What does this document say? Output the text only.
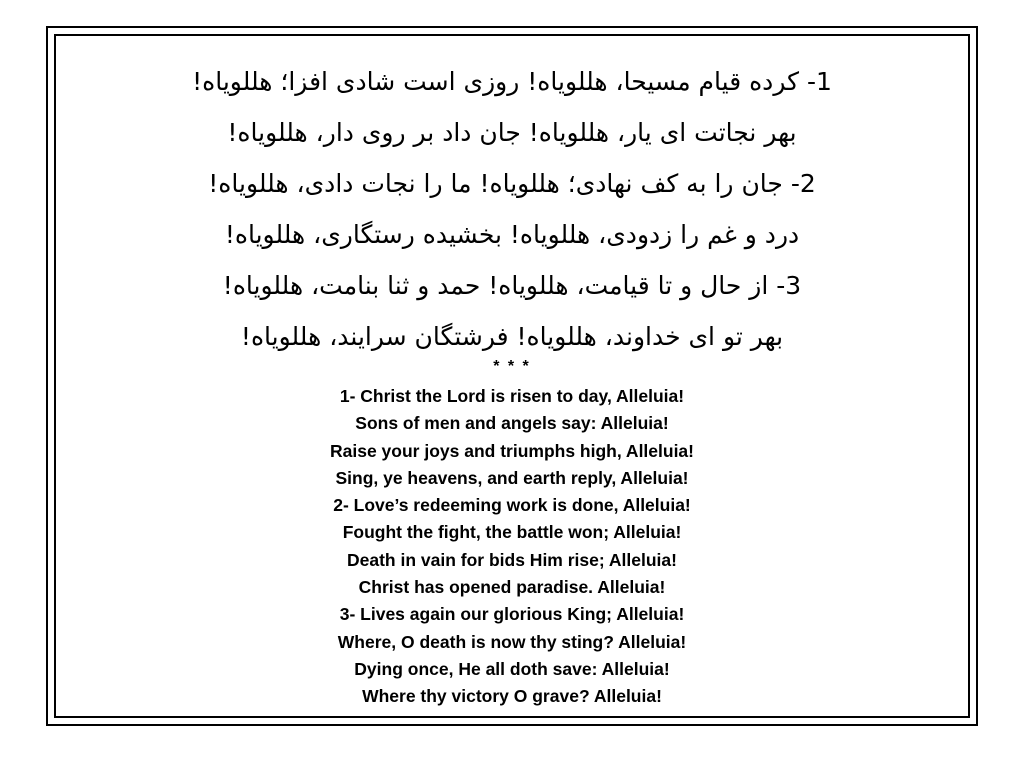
1- کرده قیام مسیحا، هللویاه! روزی است شادی افزا؛ هللویاه!
بهر نجاتت ای یار، هللویاه! جان داد بر روی دار، هللویاه!
2- جان را به کف نهادی؛ هللویاه! ما را نجات دادی، هللویاه!
درد و غم را زدودی، هللویاه! بخشیده رستگاری، هللویاه!
3- از حال و تا قیامت، هللویاه! حمد و ثنا بنامت، هللویاه!
بهر تو ای خداوند، هللویاه! فرشتگان سرایند، هللویاه!
* * *
1- Christ the Lord is risen to day, Alleluia!
Sons of men and angels say: Alleluia!
Raise your joys and triumphs high, Alleluia!
Sing, ye heavens, and earth reply, Alleluia!
2- Love’s redeeming work is done, Alleluia!
Fought the fight, the battle won; Alleluia!
Death in vain for bids Him rise; Alleluia!
Christ has opened paradise. Alleluia!
3- Lives again our glorious King; Alleluia!
Where, O death is now thy sting? Alleluia!
Dying once, He all doth save: Alleluia!
Where thy victory O grave? Alleluia!
